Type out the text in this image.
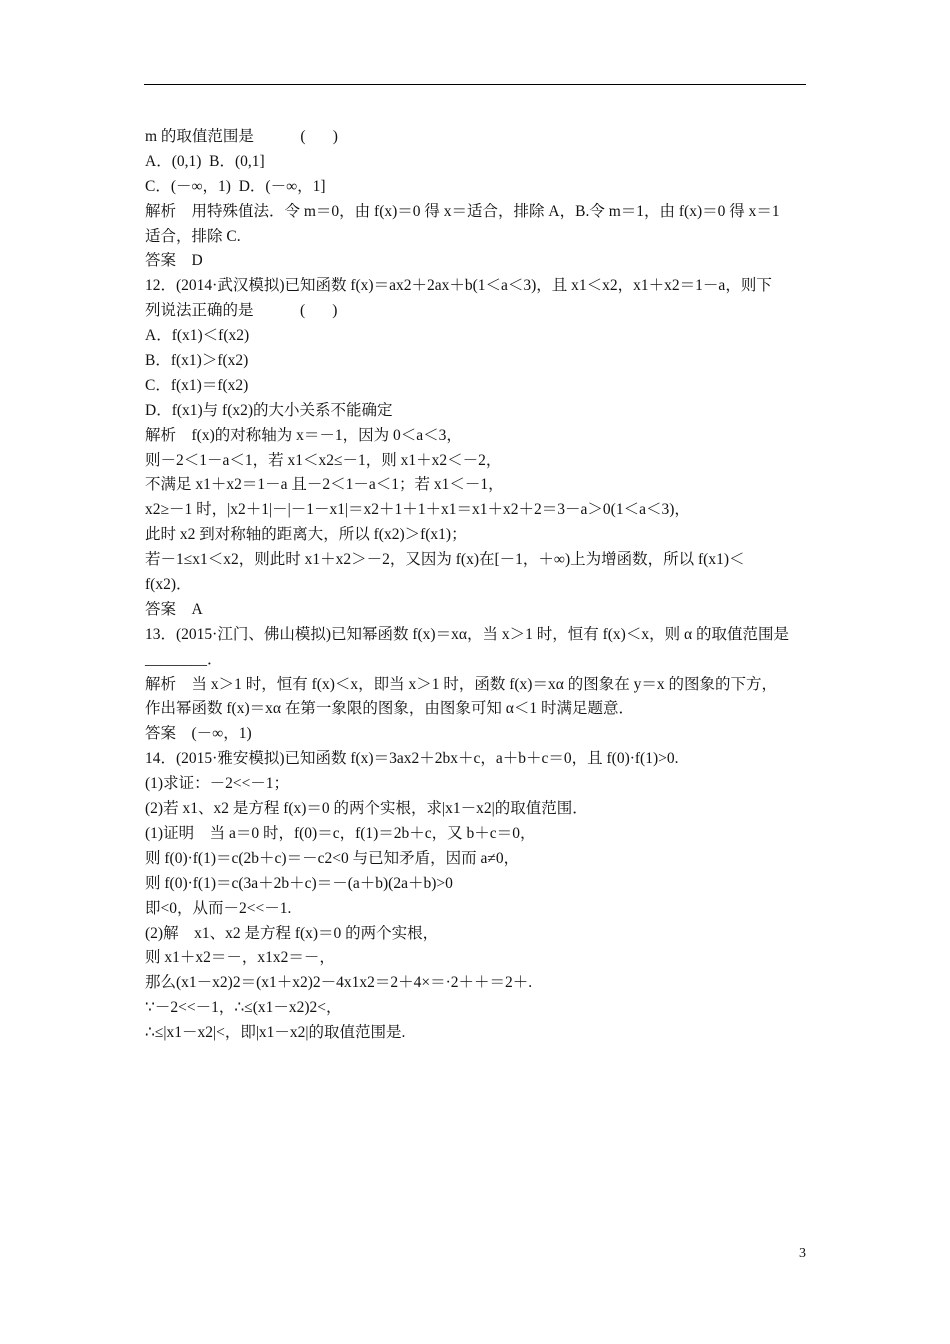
m 的取值范围是            (       )
A．(0,1)  B．(0,1]
C．(－∞，1)  D．(－∞，1]
解析    用特殊值法．令 m＝0，由 f(x)＝0 得 x＝适合，排除 A，B.令 m＝1，由 f(x)＝0 得 x＝1
适合，排除 C.
答案    D
12．(2014·武汉模拟)已知函数 f(x)＝ax2＋2ax＋b(1＜a＜3)，且 x1＜x2，x1＋x2＝1－a，则下
列说法正确的是            (       )
A．f(x1)＜f(x2)
B．f(x1)＞f(x2)
C．f(x1)＝f(x2)
D．f(x1)与 f(x2)的大小关系不能确定
解析    f(x)的对称轴为 x＝－1，因为 0＜a＜3，
则－2＜1－a＜1，若 x1＜x2≤－1，则 x1＋x2＜－2，
不满足 x1＋x2＝1－a 且－2＜1－a＜1；若 x1＜－1，
x2≥－1 时，|x2＋1|－|－1－x1|＝x2＋1＋1＋x1＝x1＋x2＋2＝3－a＞0(1＜a＜3)，
此时 x2 到对称轴的距离大，所以 f(x2)＞f(x1)；
若－1≤x1＜x2，则此时 x1＋x2＞－2，又因为 f(x)在[－1，＋∞)上为增函数，所以 f(x1)＜
f(x2)．
答案    A
13．(2015·江门、佛山模拟)已知幂函数 f(x)＝xα，当 x＞1 时，恒有 f(x)＜x，则 α 的取值范围是
________．
解析    当 x＞1 时，恒有 f(x)＜x，即当 x＞1 时，函数 f(x)＝xα 的图象在 y＝x 的图象的下方，
作出幂函数 f(x)＝xα 在第一象限的图象，由图象可知 α＜1 时满足题意．
答案    (－∞，1)
14．(2015·雅安模拟)已知函数 f(x)＝3ax2＋2bx＋c，a＋b＋c＝0，且 f(0)·f(1)>0.
(1)求证：－2<<－1；
(2)若 x1、x2 是方程 f(x)＝0 的两个实根，求|x1－x2|的取值范围．
(1)证明    当 a＝0 时，f(0)＝c，f(1)＝2b＋c，又 b＋c＝0，
则 f(0)·f(1)＝c(2b＋c)＝－c2<0 与已知矛盾，因而 a≠0，
则 f(0)·f(1)＝c(3a＋2b＋c)＝－(a＋b)(2a＋b)>0
即<0，从而－2<<－1.
(2)解    x1、x2 是方程 f(x)＝0 的两个实根，
则 x1＋x2＝－，x1x2＝－，
那么(x1－x2)2＝(x1＋x2)2－4x1x2＝2＋4×＝·2＋＋＝2＋.
∵－2<<－1，∴≤(x1－x2)2<，
∴≤|x1－x2|<，即|x1－x2|的取值范围是.
3
